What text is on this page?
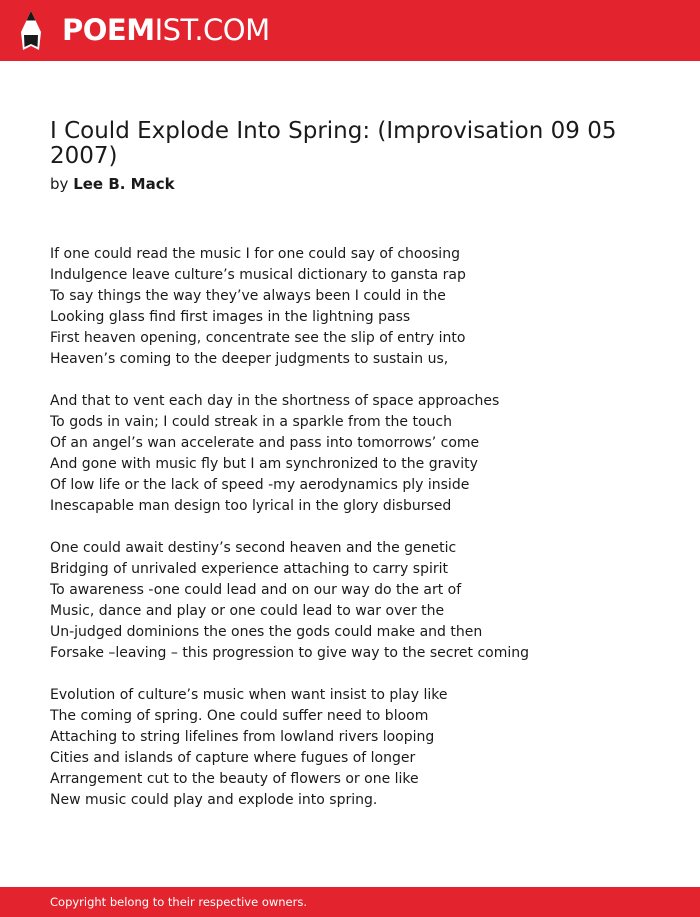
POEMIST.COM
I Could Explode Into Spring: (Improvisation 09 05 2007)
by Lee B. Mack
If one could read the music I for one could say of choosing
Indulgence leave culture’s musical dictionary to gansta rap
To say things the way they’ve always been I could in the
Looking glass find first images in the lightning pass
First heaven opening, concentrate see the slip of entry into
Heaven’s coming to the deeper judgments to sustain us,
And that to vent each day in the shortness of space approaches
To gods in vain; I could streak in a sparkle from the touch
Of an angel’s wan accelerate and pass into tomorrows’ come
And gone with music fly but I am synchronized to the gravity
Of low life or the lack of speed -my aerodynamics ply inside
Inescapable man design too lyrical in the glory disbursed
One could await destiny’s second heaven and the genetic
Bridging of unrivaled experience attaching to carry spirit
To awareness -one could lead and on our way do the art of
Music, dance and play or one could lead to war over the
Un-judged dominions the ones the gods could make and then
Forsake –leaving – this progression to give way to the secret coming
Evolution of culture’s music when want insist to play like
The coming of spring. One could suffer need to bloom
Attaching to string lifelines from lowland rivers looping
Cities and islands of capture where fugues of longer
Arrangement cut to the beauty of flowers or one like
New music could play and explode into spring.
Copyright belong to their respective owners.
